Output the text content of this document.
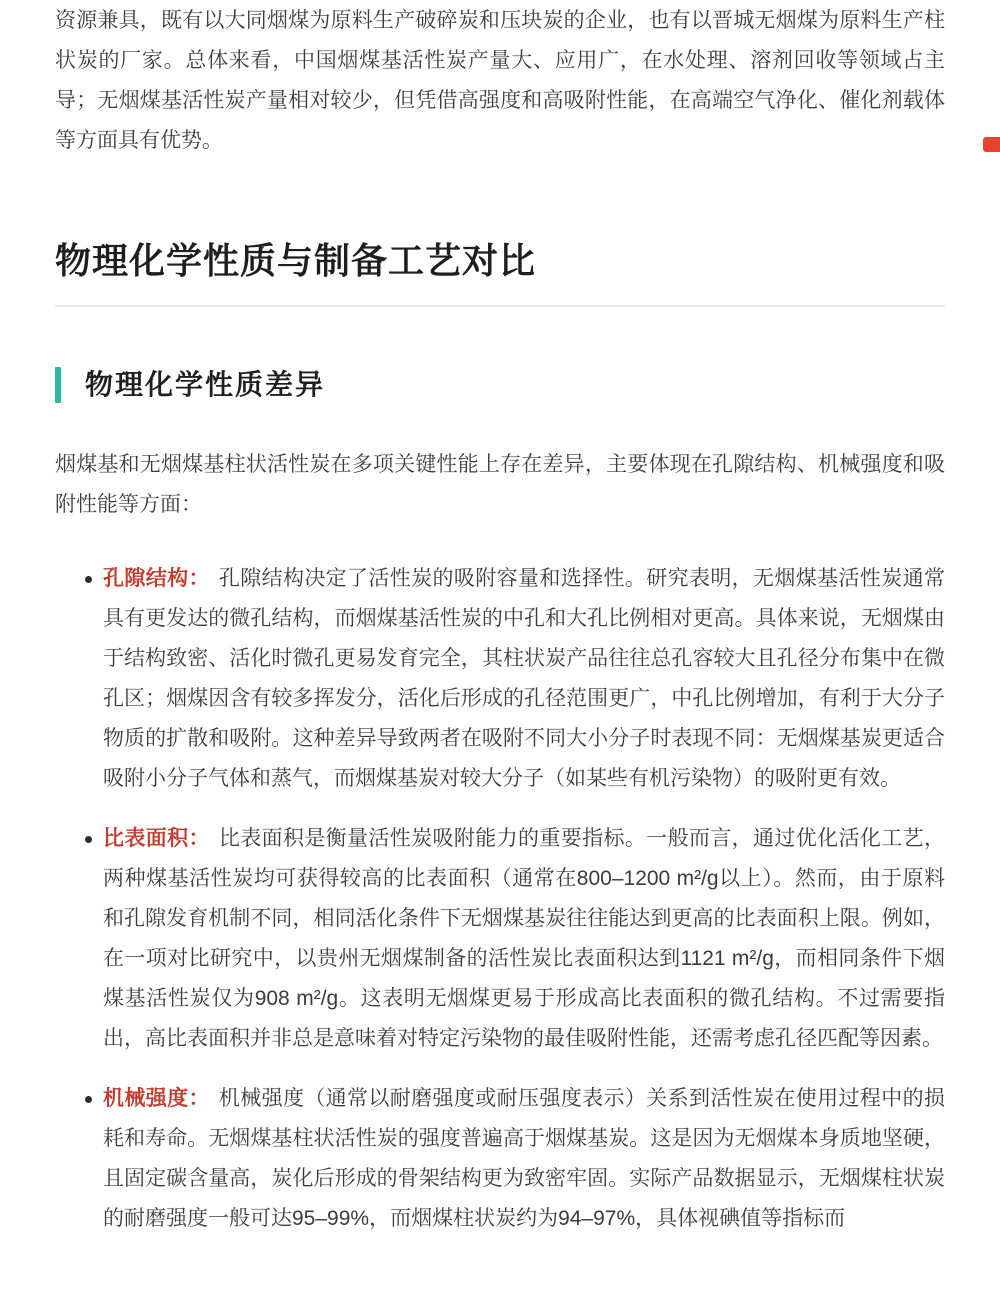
资源兼具，既有以大同烟煤为原料生产破碎炭和压块炭的企业，也有以晋城无烟煤为原料生产柱状炭的厂家。总体来看，中国烟煤基活性炭产量大、应用广，在水处理、溶剂回收等领域占主导；无烟煤基活性炭产量相对较少，但凭借高强度和高吸附性能，在高端空气净化、催化剂载体等方面具有优势。

物理化学性质与制备工艺对比
物理化学性质差异

烟煤基和无烟煤基柱状活性炭在多项关键性能上存在差异，主要体现在孔隙结构、机械强度和吸附性能等方面：

孔隙结构： 孔隙结构决定了活性炭的吸附容量和选择性。研究表明，无烟煤基活性炭通常具有更发达的微孔结构，而烟煤基活性炭的中孔和大孔比例相对更高。具体来说，无烟煤由于结构致密、活化时微孔更易发育完全，其柱状炭产品往往总孔容较大且孔径分布集中在微孔区；烟煤因含有较多挥发分，活化后形成的孔径范围更广，中孔比例增加，有利于大分子物质的扩散和吸附。这种差异导致两者在吸附不同大小分子时表现不同：无烟煤基炭更适合吸附小分子气体和蒸气，而烟煤基炭对较大分子（如某些有机污染物）的吸附更有效。
比表面积： 比表面积是衡量活性炭吸附能力的重要指标。一般而言，通过优化活化工艺，两种煤基活性炭均可获得较高的比表面积（通常在800–1200 m²/g以上）。然而，由于原料和孔隙发育机制不同，相同活化条件下无烟煤基炭往往能达到更高的比表面积上限。例如，在一项对比研究中，以贵州无烟煤制备的活性炭比表面积达到1121 m²/g，而相同条件下烟煤基活性炭仅为908 m²/g。这表明无烟煤更易于形成高比表面积的微孔结构。不过需要指出，高比表面积并非总是意味着对特定污染物的最佳吸附性能，还需考虑孔径匹配等因素。
机械强度： 机械强度（通常以耐磨强度或耐压强度表示）关系到活性炭在使用过程中的损耗和寿命。无烟煤基柱状活性炭的强度普遍高于烟煤基炭。这是因为无烟煤本身质地坚硬，且固定碳含量高，炭化后形成的骨架结构更为致密牢固。实际产品数据显示，无烟煤柱状炭的耐磨强度一般可达95–99%，而烟煤柱状炭约为94–97%，具体视碘值等指标而
